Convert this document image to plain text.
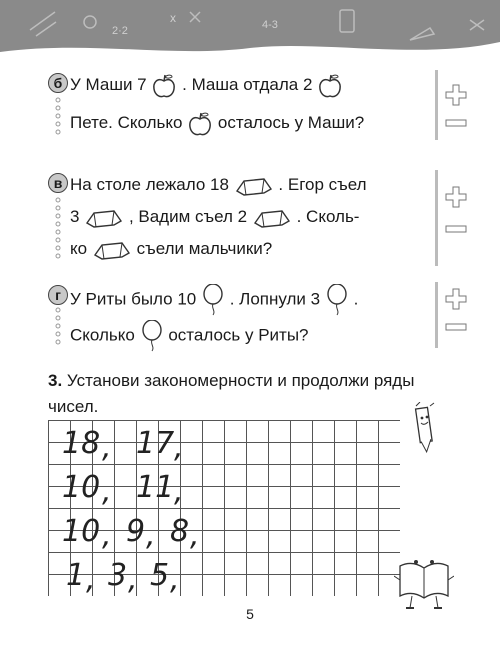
2·2	4-3
x
б У Маши 7 . Маша отдала 2
Пете. Сколько осталось у Маши?
в На столе лежало 18	. Егор съел
3	, Вадим съел 2	. Сколь-
ко	съели мальчики?
г У Риты было 10 . Лопнули 3 .
Сколько осталось у Риты?
3. Установи закономерности и продолжи ряды чисел.
18 , 17 ,
10 , 11 ,
10 , 9 , 8 ,
1 , 3 , 5 ,
5
